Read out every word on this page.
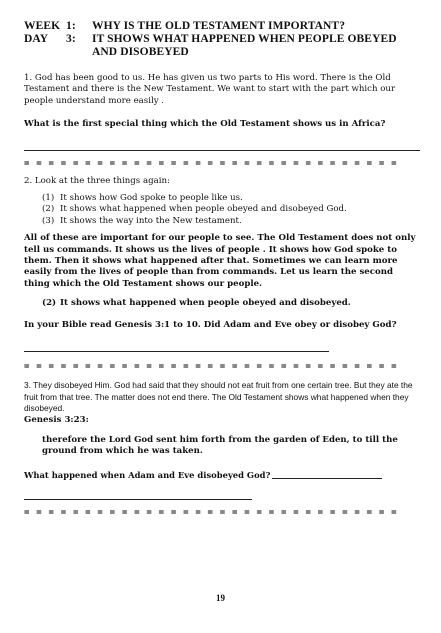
WEEK 1:	WHY IS THE OLD TESTAMENT IMPORTANT?
DAY	3:	IT SHOWS WHAT HAPPENED WHEN PEOPLE OBEYED
AND DISOBEYED

1. God has been good to us. He has given us two parts to His word. There is the Old Testament and there is the New Testament. We want to start with the part which our people understand more easily .

What is the first special thing which the Old Testament shows us in Africa?

= = = = = = = = = = = = = = = = = = = = = = = = = = = = = = =

2. Look at the three things again:

(1) It shows how God spoke to people like us.
(2) It shows what happened when people obeyed and disobeyed God.
(3) It shows the way into the New testament.

All of these are important for our people to see. The Old Testament does not only tell us commands. It shows us the lives of people . It shows how God spoke to them. Then it shows what happened after that. Sometimes we can learn more easily from the lives of people than from commands. Let us learn the second thing which the Old Testament shows our people.

(2) It shows what happened when people obeyed and disobeyed.

In your Bible read Genesis 3:1 to 10. Did Adam and Eve obey or disobey God?

= = = = = = = = = = = = = = = = = = = = = = = = = = = = = = =

3. They disobeyed Him. God had said that they should not eat fruit from one certain tree. But they ate the fruit from that tree. The matter does not end there. The Old Testament shows what happened when they disobeyed.

Genesis 3:23:

therefore the Lord God sent him forth from the garden of Eden, to till the ground from which he was taken.

What happened when Adam and Eve disobeyed God?
= = = = = = = = = = = = = = = = = = = = = = = = = = = = = = =
19
